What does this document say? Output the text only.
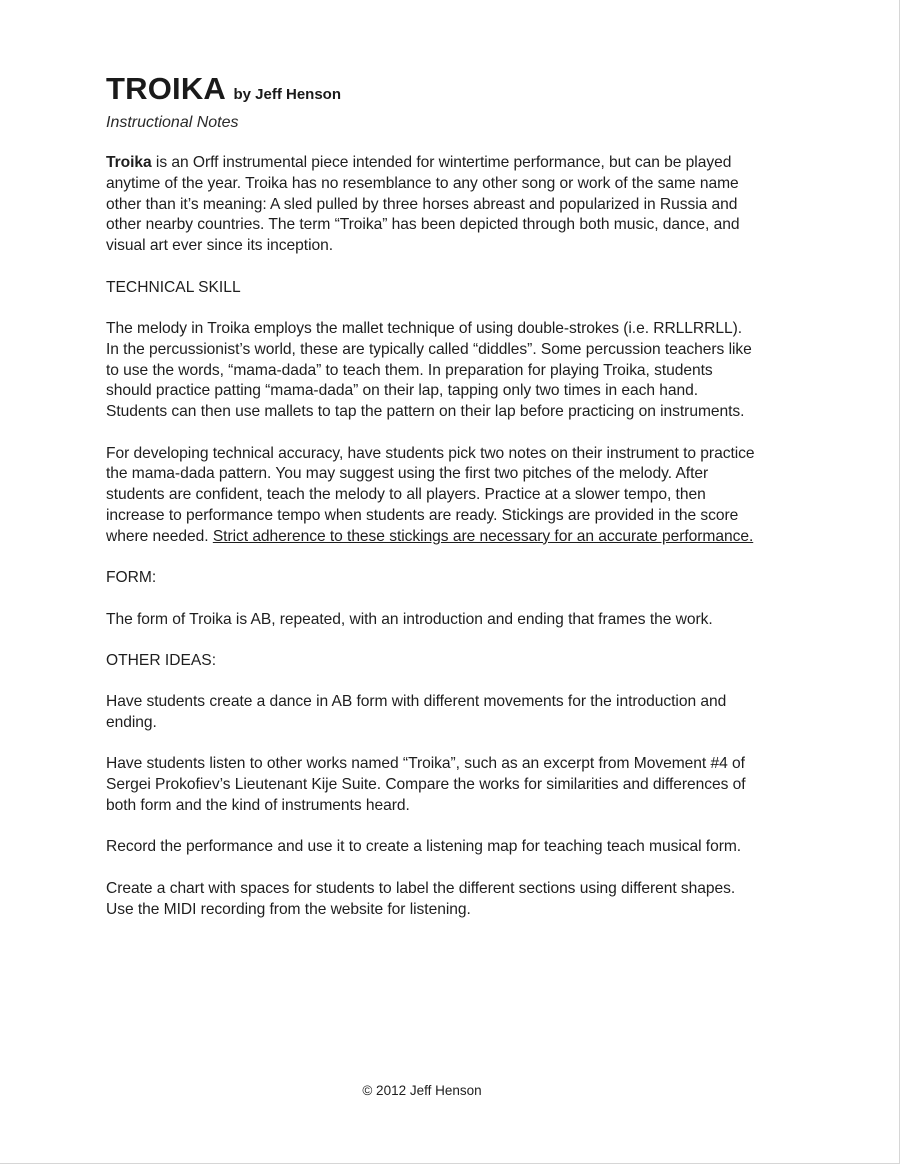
TROIKA by Jeff Henson

Instructional Notes

Troika is an Orff instrumental piece intended for wintertime performance, but can be played anytime of the year. Troika has no resemblance to any other song or work of the same name other than it’s meaning: A sled pulled by three horses abreast and popularized in Russia and other nearby countries. The term “Troika” has been depicted through both music, dance, and visual art ever since its inception.

TECHNICAL SKILL

The melody in Troika employs the mallet technique of using double-strokes (i.e. RRLLRRLL). In the percussionist’s world, these are typically called “diddles”. Some percussion teachers like to use the words, “mama-dada” to teach them. In preparation for playing Troika, students should practice patting “mama-dada” on their lap, tapping only two times in each hand. Students can then use mallets to tap the pattern on their lap before practicing on instruments.

For developing technical accuracy, have students pick two notes on their instrument to practice the mama-dada pattern. You may suggest using the first two pitches of the melody. After students are confident, teach the melody to all players. Practice at a slower tempo, then increase to performance tempo when students are ready. Stickings are provided in the score where needed. Strict adherence to these stickings are necessary for an accurate performance.

FORM:

The form of Troika is AB, repeated, with an introduction and ending that frames the work.

OTHER IDEAS:

Have students create a dance in AB form with different movements for the introduction and ending.

Have students listen to other works named “Troika”, such as an excerpt from Movement #4 of Sergei Prokofiev’s Lieutenant Kije Suite. Compare the works for similarities and differences of both form and the kind of instruments heard.

Record the performance and use it to create a listening map for teaching teach musical form.

Create a chart with spaces for students to label the different sections using different shapes. Use the MIDI recording from the website for listening.

© 2012 Jeff Henson
